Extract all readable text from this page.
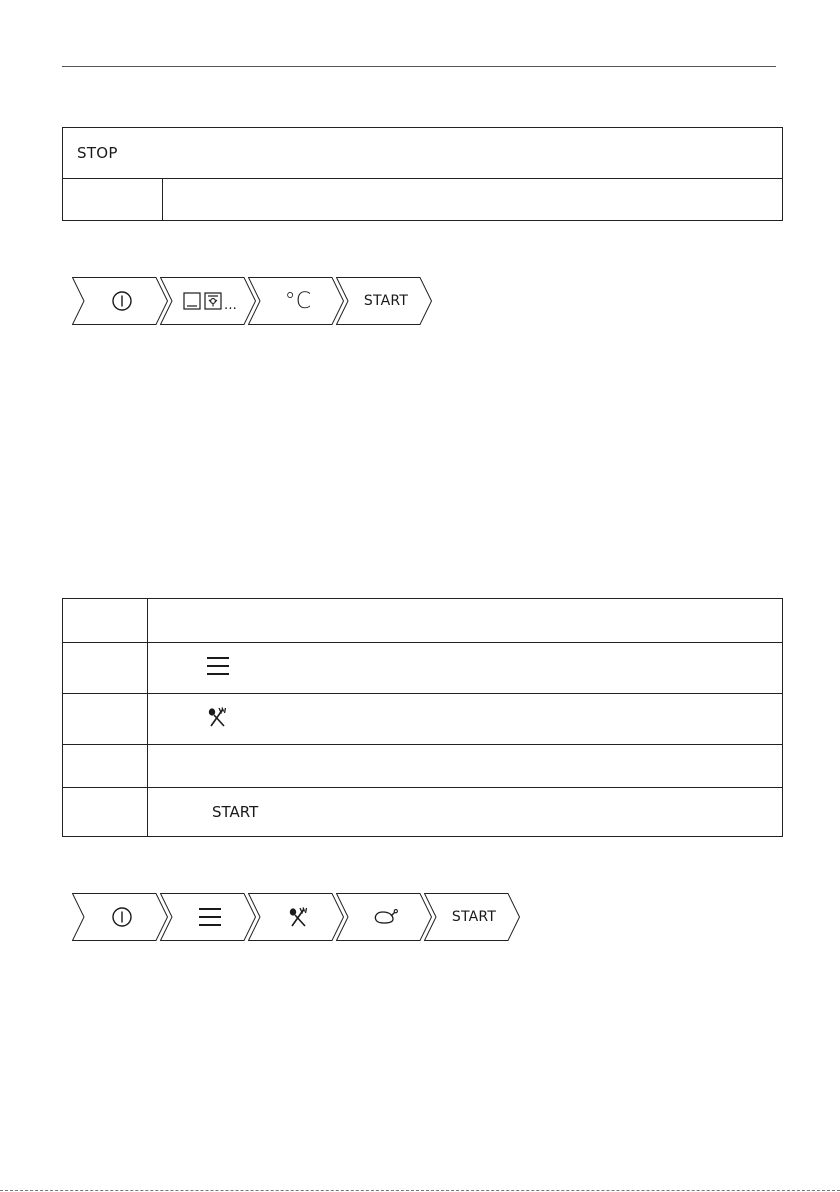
STOP

... °C	START

	START
START
